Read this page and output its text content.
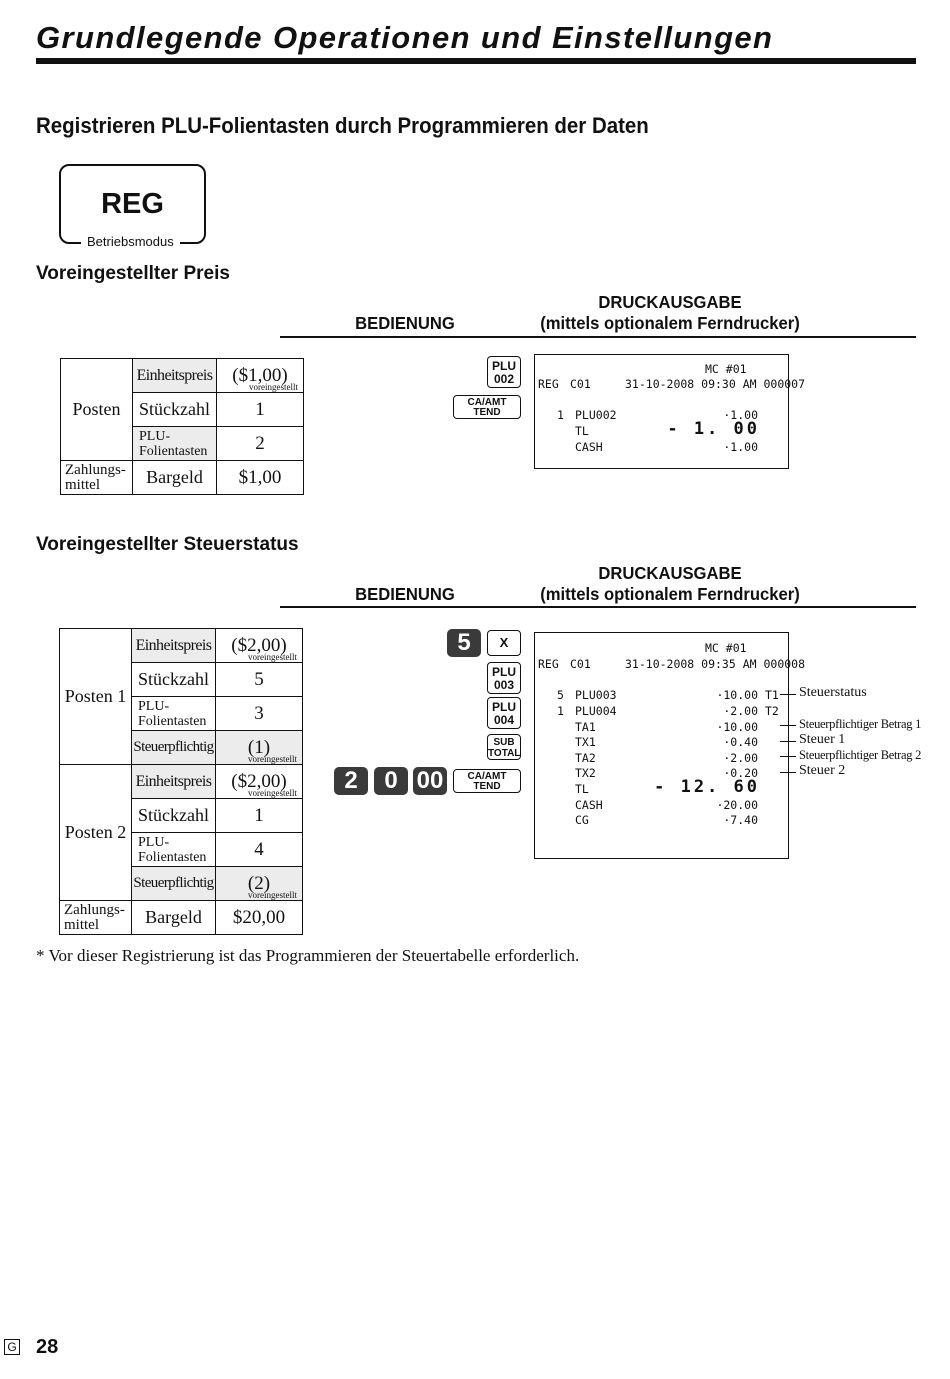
Grundlegende Operationen und Einstellungen
Registrieren PLU-Folientasten durch Programmieren der Daten
REG
Betriebsmodus
Voreingestellter Preis
DRUCKAUSGABE
(mittels optionalem Ferndrucker)
BEDIENUNG
Posten	Einheitspreis	($1,00)
voreingestellt

	Stückzahl	1
	PLU-Folientasten	2
Zahlungs-mittel	Bargeld	$1,00
PLU
002
CA/AMT
TEND
MC #01
REG C01	31-10-2008 09:30 AM 000007
1 PLU002	·1.00
TL	- 1. 00
CASH	·1.00
Voreingestellter Steuerstatus
DRUCKAUSGABE
(mittels optionalem Ferndrucker)
BEDIENUNG
Posten 1	Einheitspreis	($2,00)
voreingestellt

	Stückzahl	5
	PLU-Folientasten	3
	Steuerpflichtig	(1)
voreingestellt

Posten 2	Einheitspreis	($2,00)
voreingestellt

	Stückzahl	1
	PLU-Folientasten	4
	Steuerpflichtig	(2)
voreingestellt

Zahlungs-mittel	Bargeld	$20,00
5	X
PLU
003
PLU
004
SUB
TOTAL
2	0 00	CA/AMT
TEND
MC #01
REG C01	31-10-2008 09:35 AM 000008
5 PLU003	·10.00 T1
1 PLU004	·2.00 T2
TA1	·10.00
TX1	·0.40
TA2	·2.00
TX2	·0.20
TL	- 12. 60
CASH	·20.00
CG	·7.40
Steuerstatus
Steuerpflichtiger Betrag 1
Steuer 1
Steuerpflichtiger Betrag 2
Steuer 2
* Vor dieser Registrierung ist das Programmieren der Steuertabelle erforderlich.
G 28
